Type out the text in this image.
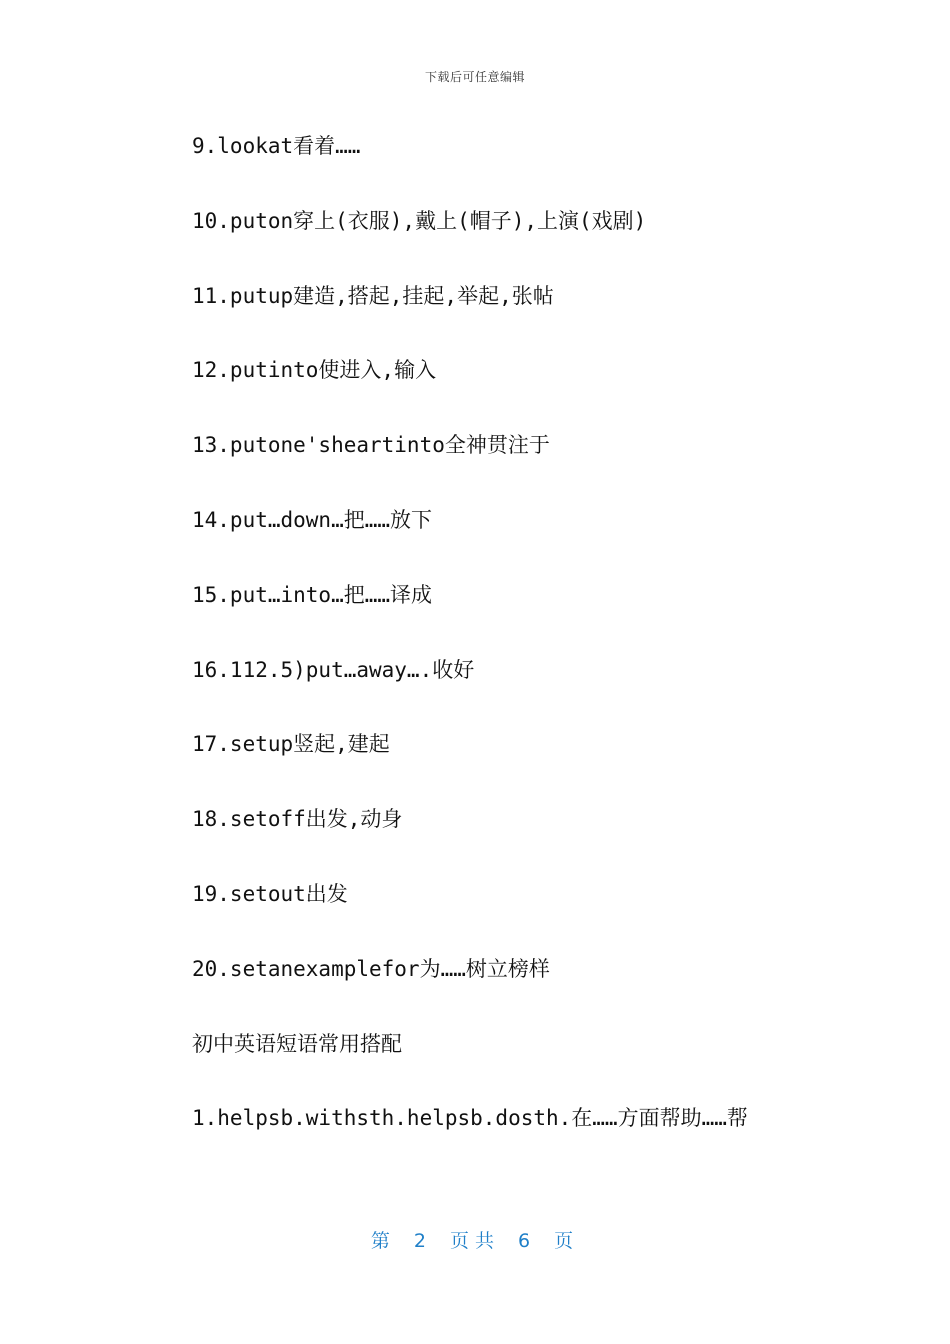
下载后可任意编辑
9.lookat看着……
10.puton穿上(衣服),戴上(帽子),上演(戏剧)
11.putup建造,搭起,挂起,举起,张帖
12.putinto使进入,输入
13.putone'sheartinto全神贯注于
14.put…down…把……放下
15.put…into…把……译成
16.112.5)put…away….收好
17.setup竖起,建起
18.setoff出发,动身
19.setout出发
20.setanexamplefor为……树立榜样
初中英语短语常用搭配
1.helpsb.withsth.helpsb.dosth.在……方面帮助……帮
第 2 页共 6 页
